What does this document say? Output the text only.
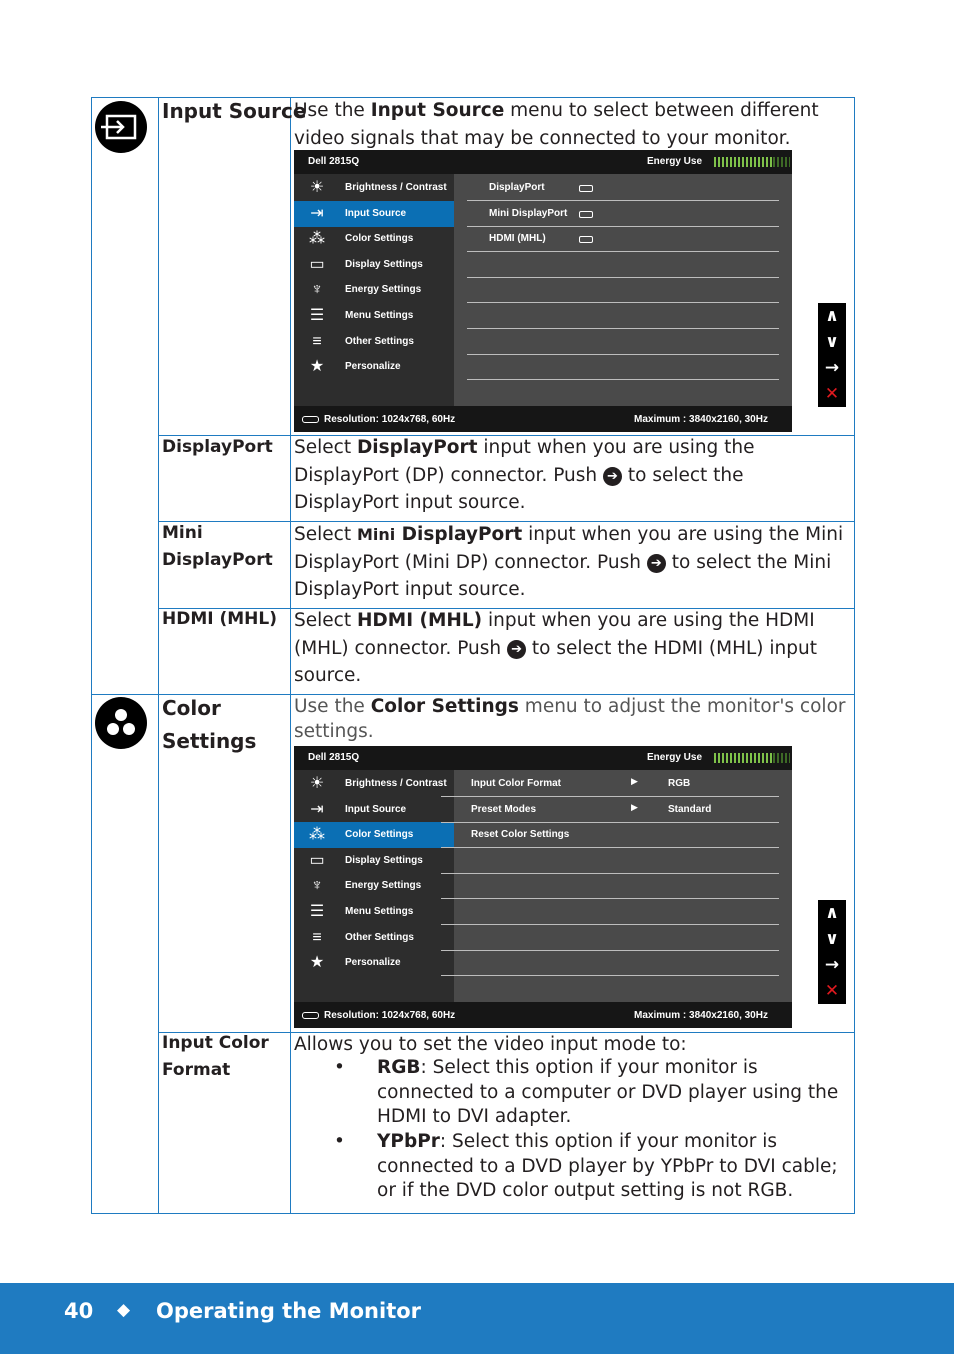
Input Source
Use the Input Source menu to select between different video signals that may be connected to your monitor.
Dell 2815Q	Energy Use
☀	Brightness / Contrast
⇥	Input Source
⁂	Color Settings
▭	Display Settings
♆	Energy Settings
☰	Menu Settings
≡	Other Settings
★	Personalize
Resolution: 1024x768, 60Hz	Maximum : 3840x2160, 30Hz
DisplayPort
Mini DisplayPort
HDMI (MHL)
∧
∨
→
✕
DisplayPort Select DisplayPort input when you are using the DisplayPort (DP) connector. Push ➔ to select the DisplayPort input source.
Mini
DisplayPort
Select Mini DisplayPort input when you are using the Mini DisplayPort (Mini DP) connector. Push ➔ to select the Mini DisplayPort input source.
HDMI (MHL) Select HDMI (MHL) input when you are using the HDMI (MHL) connector. Push ➔ to select the HDMI (MHL) input source.
Color
Settings
Use the Color Settings menu to adjust the monitor's color settings.
Dell 2815Q	Energy Use
☀	Brightness / Contrast
⇥	Input Source
⁂	Color Settings
▭	Display Settings
♆	Energy Settings
☰	Menu Settings
≡	Other Settings
★	Personalize
Resolution: 1024x768, 60Hz	Maximum : 3840x2160, 30Hz
Input Color Format	▶	RGB
Preset Modes	▶	Standard
Reset Color Settings
∧
∨
→
✕
Input Color
Format
Allows you to set the video input mode to:
• RGB: Select this option if your monitor is connected to a computer or DVD player using the HDMI to DVI adapter.
• YPbPr: Select this option if your monitor is connected to a DVD player by YPbPr to DVI cable; or if the DVD color output setting is not RGB.
40 ◆ Operating the Monitor
